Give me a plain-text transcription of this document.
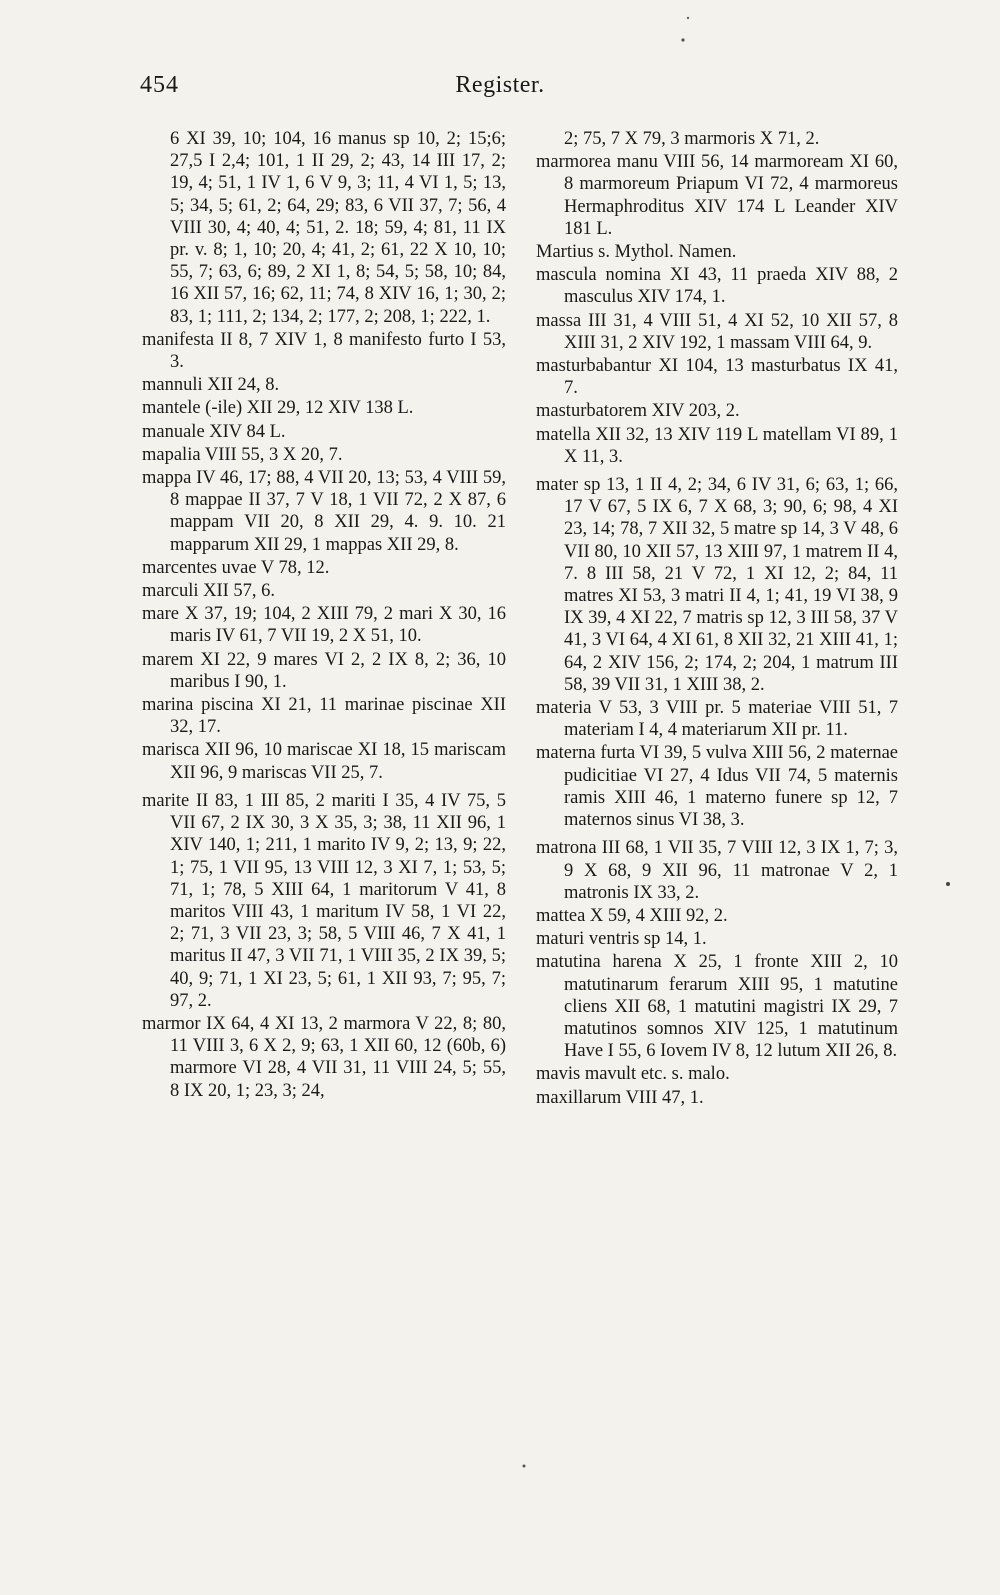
454	Register.

6 XI 39, 10; 104, 16 manus sp 10, 2; 15;6; 27,5 I 2,4; 101, 1 II 29, 2; 43, 14 III 17, 2; 19, 4; 51, 1 IV 1, 6 V 9, 3; 11, 4 VI 1, 5; 13, 5; 34, 5; 61, 2; 64, 29; 83, 6 VII 37, 7; 56, 4 VIII 30, 4; 40, 4; 51, 2. 18; 59, 4; 81, 11 IX pr. v. 8; 1, 10; 20, 4; 41, 2; 61, 22 X 10, 10; 55, 7; 63, 6; 89, 2 XI 1, 8; 54, 5; 58, 10; 84, 16 XII 57, 16; 62, 11; 74, 8 XIV 16, 1; 30, 2; 83, 1; 111, 2; 134, 2; 177, 2; 208, 1; 222, 1.

manifesta II 8, 7 XIV 1, 8 manifesto furto I 53, 3.

mannuli XII 24, 8.

mantele (-ile) XII 29, 12 XIV 138 L.

manuale XIV 84 L.

mapalia VIII 55, 3 X 20, 7.

mappa IV 46, 17; 88, 4 VII 20, 13; 53, 4 VIII 59, 8 mappae II 37, 7 V 18, 1 VII 72, 2 X 87, 6 mappam VII 20, 8 XII 29, 4. 9. 10. 21 mapparum XII 29, 1 mappas XII 29, 8.

marcentes uvae V 78, 12.

marculi XII 57, 6.

mare X 37, 19; 104, 2 XIII 79, 2 mari X 30, 16 maris IV 61, 7 VII 19, 2 X 51, 10.

marem XI 22, 9 mares VI 2, 2 IX 8, 2; 36, 10 maribus I 90, 1.

marina piscina XI 21, 11 marinae piscinae XII 32, 17.

marisca XII 96, 10 mariscae XI 18, 15 mariscam XII 96, 9 mariscas VII 25, 7.

marite II 83, 1 III 85, 2 mariti I 35, 4 IV 75, 5 VII 67, 2 IX 30, 3 X 35, 3; 38, 11 XII 96, 1 XIV 140, 1; 211, 1 marito IV 9, 2; 13, 9; 22, 1; 75, 1 VII 95, 13 VIII 12, 3 XI 7, 1; 53, 5; 71, 1; 78, 5 XIII 64, 1 maritorum V 41, 8 maritos VIII 43, 1 maritum IV 58, 1 VI 22, 2; 71, 3 VII 23, 3; 58, 5 VIII 46, 7 X 41, 1 maritus II 47, 3 VII 71, 1 VIII 35, 2 IX 39, 5; 40, 9; 71, 1 XI 23, 5; 61, 1 XII 93, 7; 95, 7; 97, 2.

marmor IX 64, 4 XI 13, 2 marmora V 22, 8; 80, 11 VIII 3, 6 X 2, 9; 63, 1 XII 60, 12 (60b, 6) marmore VI 28, 4 VII 31, 11 VIII 24, 5; 55, 8 IX 20, 1; 23, 3; 24,

2; 75, 7 X 79, 3 marmoris X 71, 2.

marmorea manu VIII 56, 14 marmoream XI 60, 8 marmoreum Priapum VI 72, 4 marmoreus Hermaphroditus XIV 174 L Leander XIV 181 L.

Martius s. Mythol. Namen.

mascula nomina XI 43, 11 praeda XIV 88, 2 masculus XIV 174, 1.

massa III 31, 4 VIII 51, 4 XI 52, 10 XII 57, 8 XIII 31, 2 XIV 192, 1 massam VIII 64, 9.

masturbabantur XI 104, 13 masturbatus IX 41, 7.

masturbatorem XIV 203, 2.

matella XII 32, 13 XIV 119 L matellam VI 89, 1 X 11, 3.

mater sp 13, 1 II 4, 2; 34, 6 IV 31, 6; 63, 1; 66, 17 V 67, 5 IX 6, 7 X 68, 3; 90, 6; 98, 4 XI 23, 14; 78, 7 XII 32, 5 matre sp 14, 3 V 48, 6 VII 80, 10 XII 57, 13 XIII 97, 1 matrem II 4, 7. 8 III 58, 21 V 72, 1 XI 12, 2; 84, 11 matres XI 53, 3 matri II 4, 1; 41, 19 VI 38, 9 IX 39, 4 XI 22, 7 matris sp 12, 3 III 58, 37 V 41, 3 VI 64, 4 XI 61, 8 XII 32, 21 XIII 41, 1; 64, 2 XIV 156, 2; 174, 2; 204, 1 matrum III 58, 39 VII 31, 1 XIII 38, 2.

materia V 53, 3 VIII pr. 5 materiae VIII 51, 7 materiam I 4, 4 materiarum XII pr. 11.

materna furta VI 39, 5 vulva XIII 56, 2 maternae pudicitiae VI 27, 4 Idus VII 74, 5 maternis ramis XIII 46, 1 materno funere sp 12, 7 maternos sinus VI 38, 3.

matrona III 68, 1 VII 35, 7 VIII 12, 3 IX 1, 7; 3, 9 X 68, 9 XII 96, 11 matronae V 2, 1 matronis IX 33, 2.

mattea X 59, 4 XIII 92, 2.

maturi ventris sp 14, 1.

matutina harena X 25, 1 fronte XIII 2, 10 matutinarum ferarum XIII 95, 1 matutine cliens XII 68, 1 matutini magistri IX 29, 7 matutinos somnos XIV 125, 1 matutinum Have I 55, 6 Iovem IV 8, 12 lutum XII 26, 8.

mavis mavult etc. s. malo.

maxillarum VIII 47, 1.
